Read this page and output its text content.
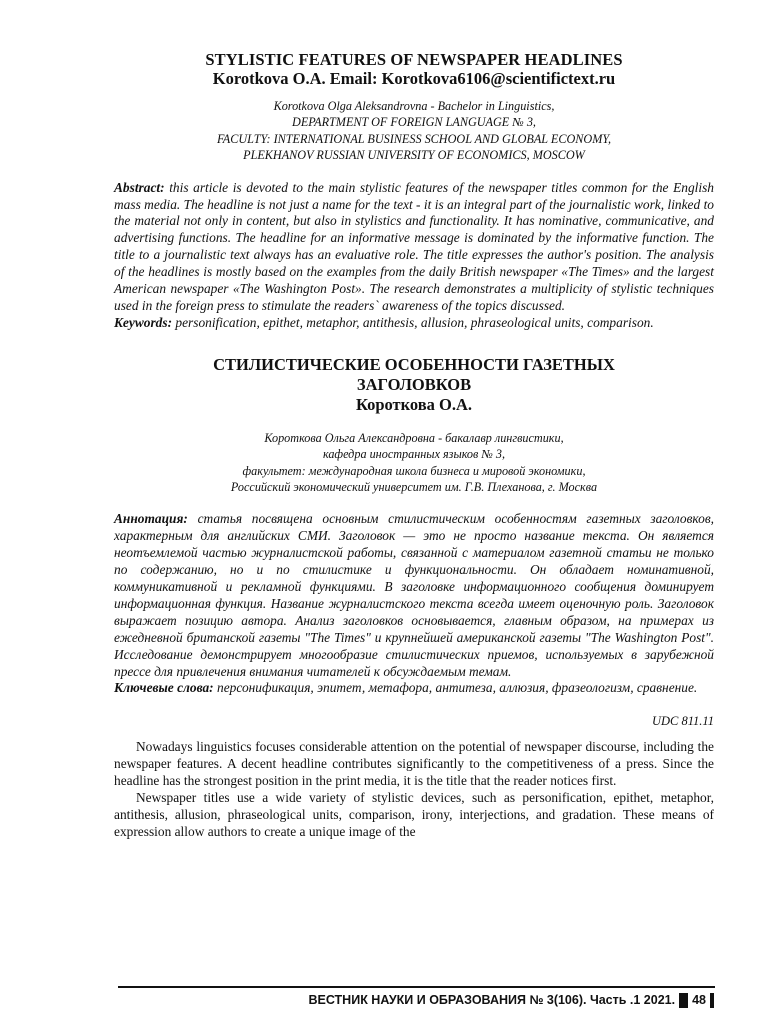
STYLISTIC FEATURES OF NEWSPAPER HEADLINES
Korotkova O.A. Email: Korotkova6106@scientifictext.ru
Korotkova Olga Aleksandrovna - Bachelor in Linguistics,
DEPARTMENT OF FOREIGN LANGUAGE № 3,
FACULTY: INTERNATIONAL BUSINESS SCHOOL AND GLOBAL ECONOMY,
PLEKHANOV RUSSIAN UNIVERSITY OF ECONOMICS, MOSCOW

Abstract: this article is devoted to the main stylistic features of the newspaper titles common for the English mass media. The headline is not just a name for the text - it is an integral part of the journalistic work, linked to the material not only in content, but also in stylistics and functionality. It has nominative, communicative, and advertising functions. The headline for an informative message is dominated by the informative function. The title to a journalistic text always has an evaluative role. The title expresses the author's position. The analysis of the headlines is mostly based on the examples from the daily British newspaper «The Times» and the largest American newspaper «The Washington Post». The research demonstrates a multiplicity of stylistic techniques used in the foreign press to stimulate the readers` awareness of the topics discussed.

Keywords: personification, epithet, metaphor, antithesis, allusion, phraseological units, comparison.

СТИЛИСТИЧЕСКИЕ ОСОБЕННОСТИ ГАЗЕТНЫХ
ЗАГОЛОВКОВ
Короткова О.А.
Короткова Ольга Александровна - бакалавр лингвистики,
кафедра иностранных языков № 3,
факультет: международная школа бизнеса и мировой экономики,
Российский экономический университет им. Г.В. Плеханова, г. Москва

Аннотация: статья посвящена основным стилистическим особенностям газетных заголовков, характерным для английских СМИ. Заголовок — это не просто название текста. Он является неотъемлемой частью журналистской работы, связанной с материалом газетной статьи не только по содержанию, но и по стилистике и функциональности. Он обладает номинативной, коммуникативной и рекламной функциями. В заголовке информационного сообщения доминирует информационная функция. Название журналистского текста всегда имеет оценочную роль. Заголовок выражает позицию автора. Анализ заголовков основывается, главным образом, на примерах из ежедневной британской газеты "The Times" и крупнейшей американской газеты "The Washington Post". Исследование демонстрирует многообразие стилистических приемов, используемых в зарубежной прессе для привлечения внимания читателей к обсуждаемым темам.

Ключевые слова: персонификация, эпитет, метафора, антитеза, аллюзия, фразеологизм, сравнение.

UDC 811.11

Nowadays linguistics focuses considerable attention on the potential of newspaper discourse, including the newspaper features. A decent headline contributes significantly to the competitiveness of a press. Since the headline has the strongest position in the print media, it is the title that the reader notices first.

Newspaper titles use a wide variety of stylistic devices, such as personification, epithet, metaphor, antithesis, allusion, phraseological units, comparison, irony, interjections, and gradation. These means of expression allow authors to create a unique image of the

ВЕСТНИК НАУКИ И ОБРАЗОВАНИЯ № 3(106). Часть .1 2021. 48
